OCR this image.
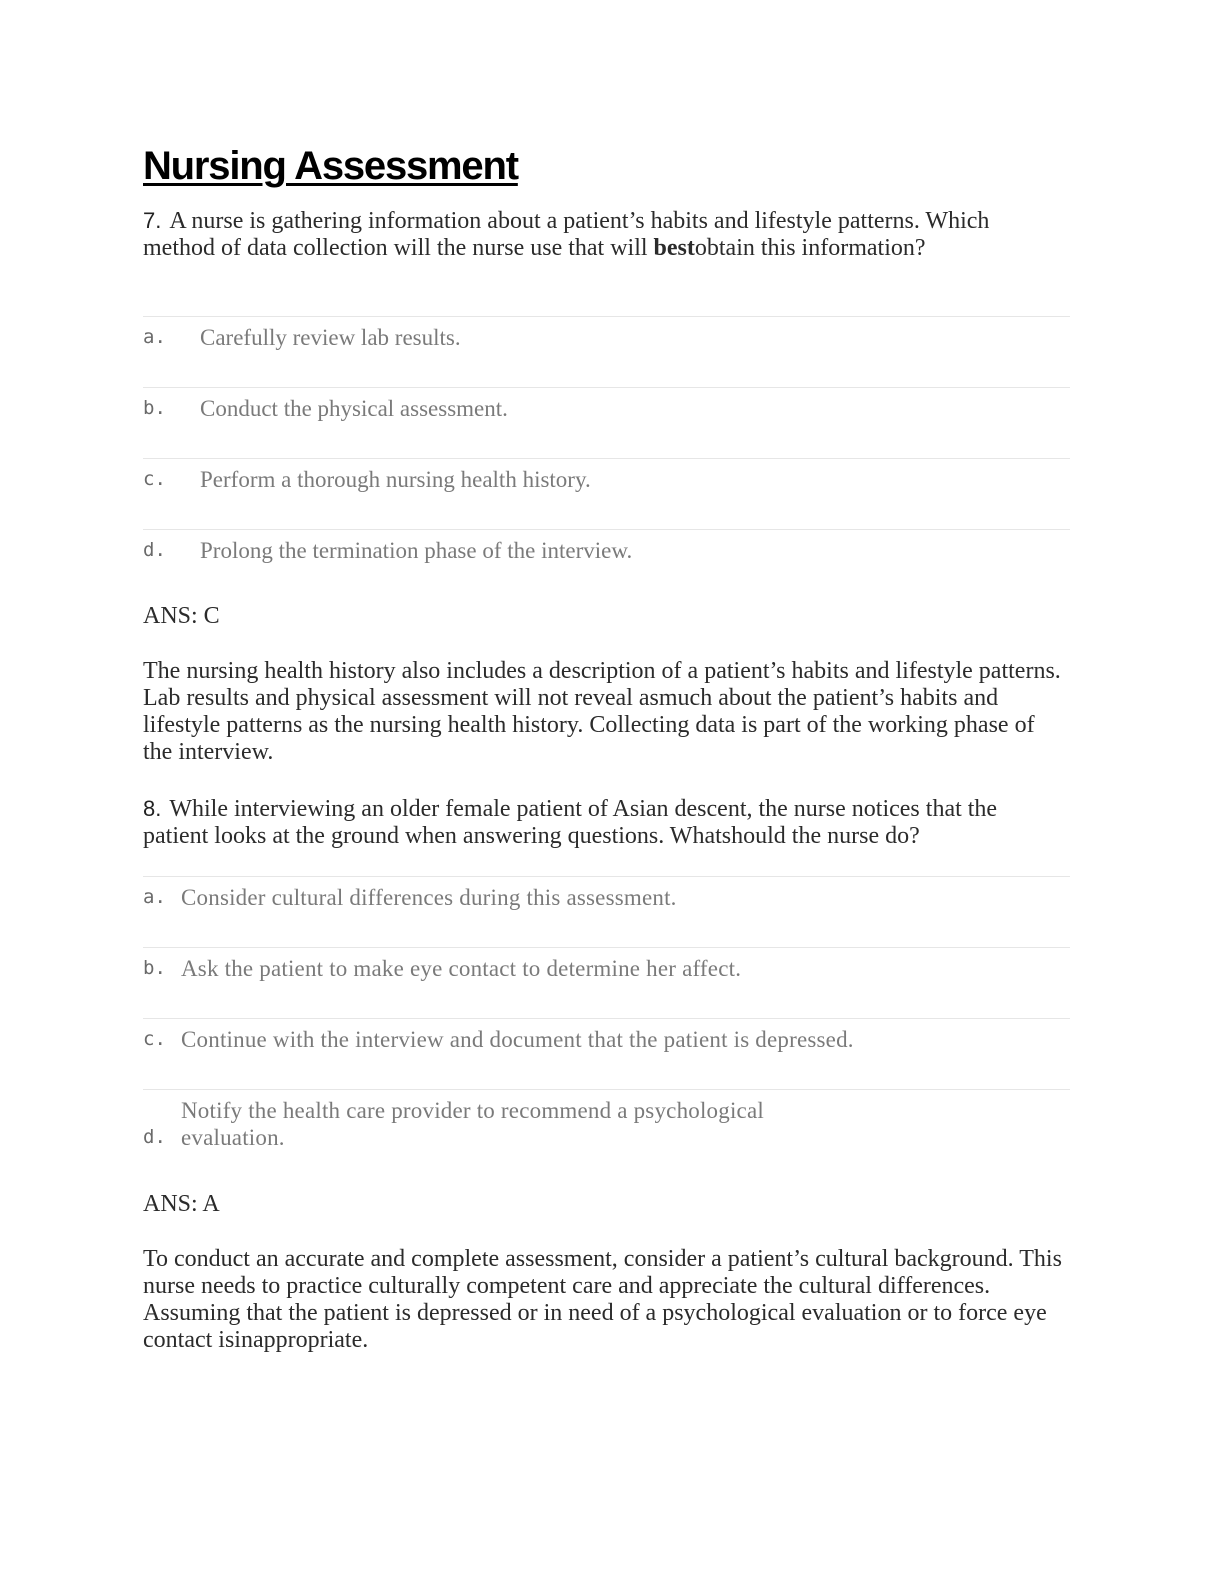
Nursing Assessment
7. A nurse is gathering information about a patient’s habits and lifestyle patterns. Which method of data collection will the nurse use that will bestobtain this information?
a. Carefully review lab results.
b. Conduct the physical assessment.
c. Perform a thorough nursing health history.
d. Prolong the termination phase of the interview.
ANS: C
The nursing health history also includes a description of a patient’s habits and lifestyle patterns. Lab results and physical assessment will not reveal asmuch about the patient’s habits and lifestyle patterns as the nursing health history. Collecting data is part of the working phase of the interview.
8. While interviewing an older female patient of Asian descent, the nurse notices that the patient looks at the ground when answering questions. Whatshould the nurse do?
a. Consider cultural differences during this assessment.
b. Ask the patient to make eye contact to determine her affect.
c. Continue with the interview and document that the patient is depressed.
d.
Notify the health care provider to recommend a psychological evaluation.
ANS: A
To conduct an accurate and complete assessment, consider a patient’s cultural background. This nurse needs to practice culturally competent care and appreciate the cultural differences. Assuming that the patient is depressed or in need of a psychological evaluation or to force eye contact isinappropriate.
